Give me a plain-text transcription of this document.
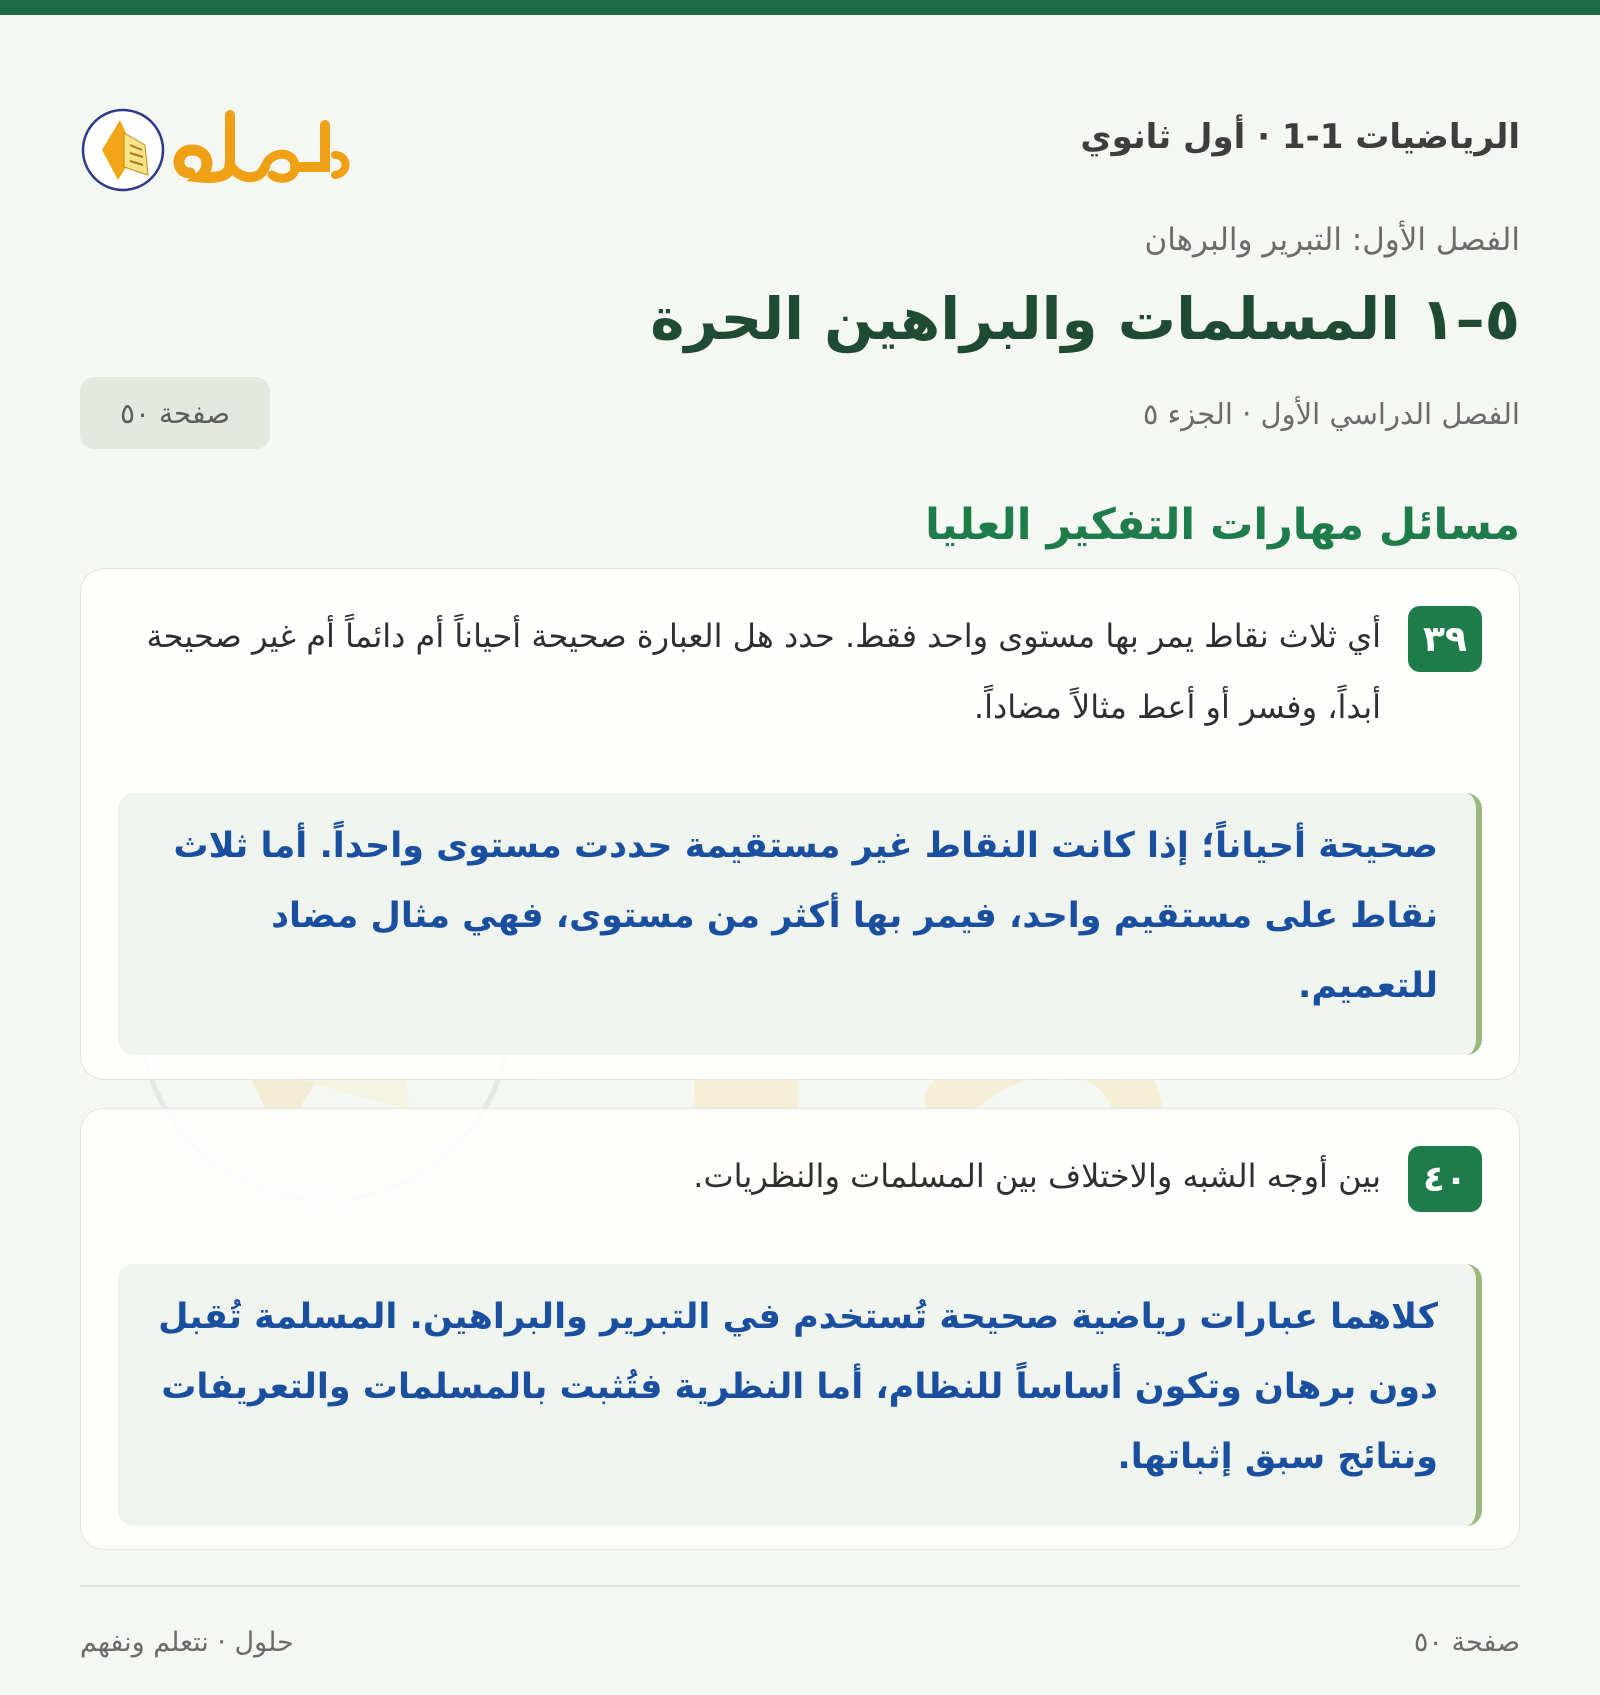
الرياضيات 1-1 · أول ثانوي

الفصل الأول: التبرير والبرهان

٥–١ المسلمات والبراهين الحرة

الفصل الدراسي الأول · الجزء ٥

صفحة ٥٠
مسائل مهارات التفكير العليا
٣٩

أي ثلاث نقاط يمر بها مستوى واحد فقط. حدد هل العبارة صحيحة أحياناً أم دائماً أم غير صحيحة أبداً، وفسر أو أعط مثالاً مضاداً.

صحيحة أحياناً؛ إذا كانت النقاط غير مستقيمة حددت مستوى واحداً. أما ثلاث نقاط على مستقيم واحد، فيمر بها أكثر من مستوى، فهي مثال مضاد للتعميم.

٤٠

بين أوجه الشبه والاختلاف بين المسلمات والنظريات.

كلاهما عبارات رياضية صحيحة تُستخدم في التبرير والبراهين. المسلمة تُقبل دون برهان وتكون أساساً للنظام، أما النظرية فتُثبت بالمسلمات والتعريفات ونتائج سبق إثباتها.

صفحة ٥٠

حلول · نتعلم ونفهم
